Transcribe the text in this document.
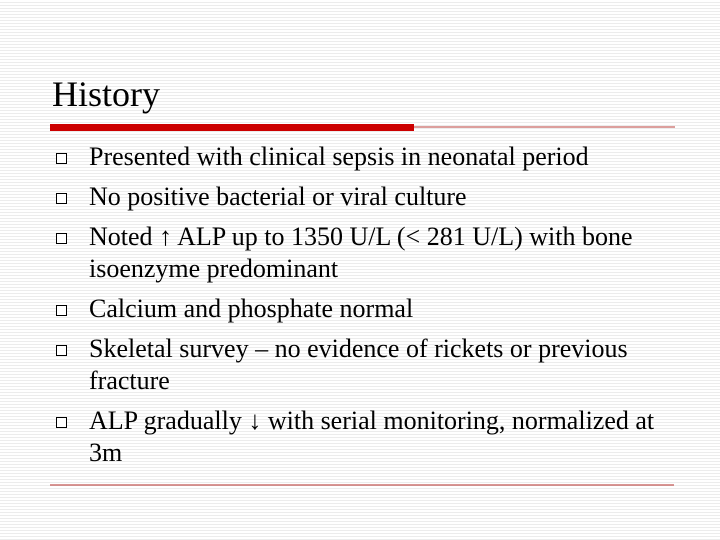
History
Presented with clinical sepsis in neonatal period
No positive bacterial or viral culture
Noted ↑ ALP up to 1350 U/L (< 281 U/L) with bone isoenzyme predominant
Calcium and phosphate normal
Skeletal survey – no evidence of rickets or previous fracture
ALP gradually ↓ with serial monitoring, normalized at 3m
